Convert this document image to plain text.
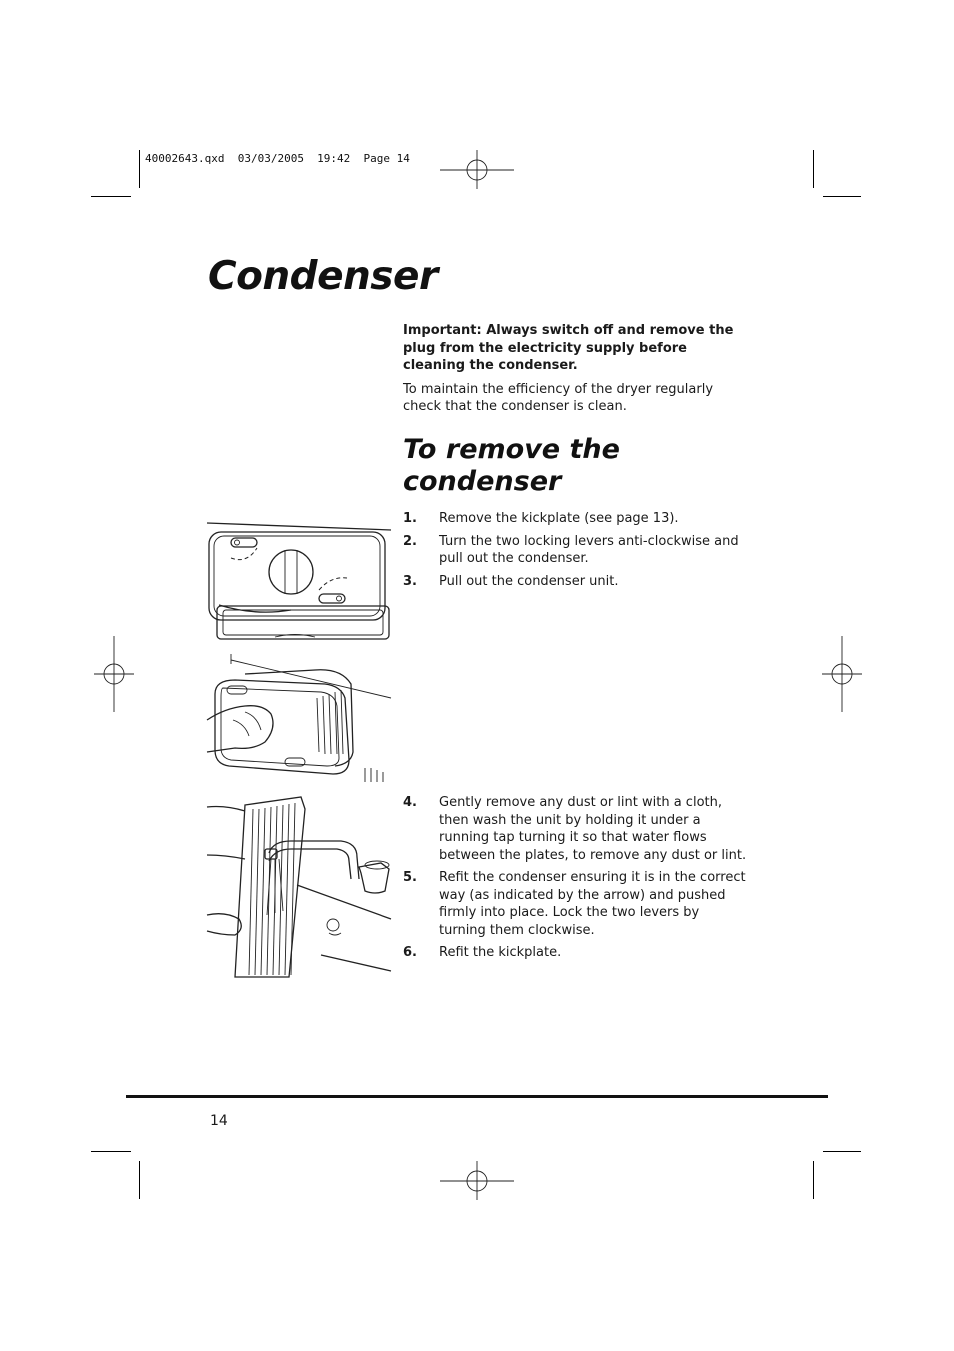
40002643.qxd  03/03/2005  19:42  Page 14
Condenser

Important: Always switch off and remove the plug from the electricity supply before cleaning the condenser.

To maintain the efficiency of the dryer regularly check that the condenser is clean.

To remove the condenser
1.	Remove the kickplate (see page 13).
2.	Turn the two locking levers anti-clockwise and pull out the condenser.
3.	Pull out the condenser unit.
4.	Gently remove any dust or lint with a cloth, then wash the unit by holding it under a running tap turning it so that water flows between the plates, to remove any dust or lint.
5.	Refit the condenser ensuring it is in the correct way (as indicated by the arrow) and pushed firmly into place. Lock the two levers by turning them clockwise.
6.	Refit the kickplate.
14
